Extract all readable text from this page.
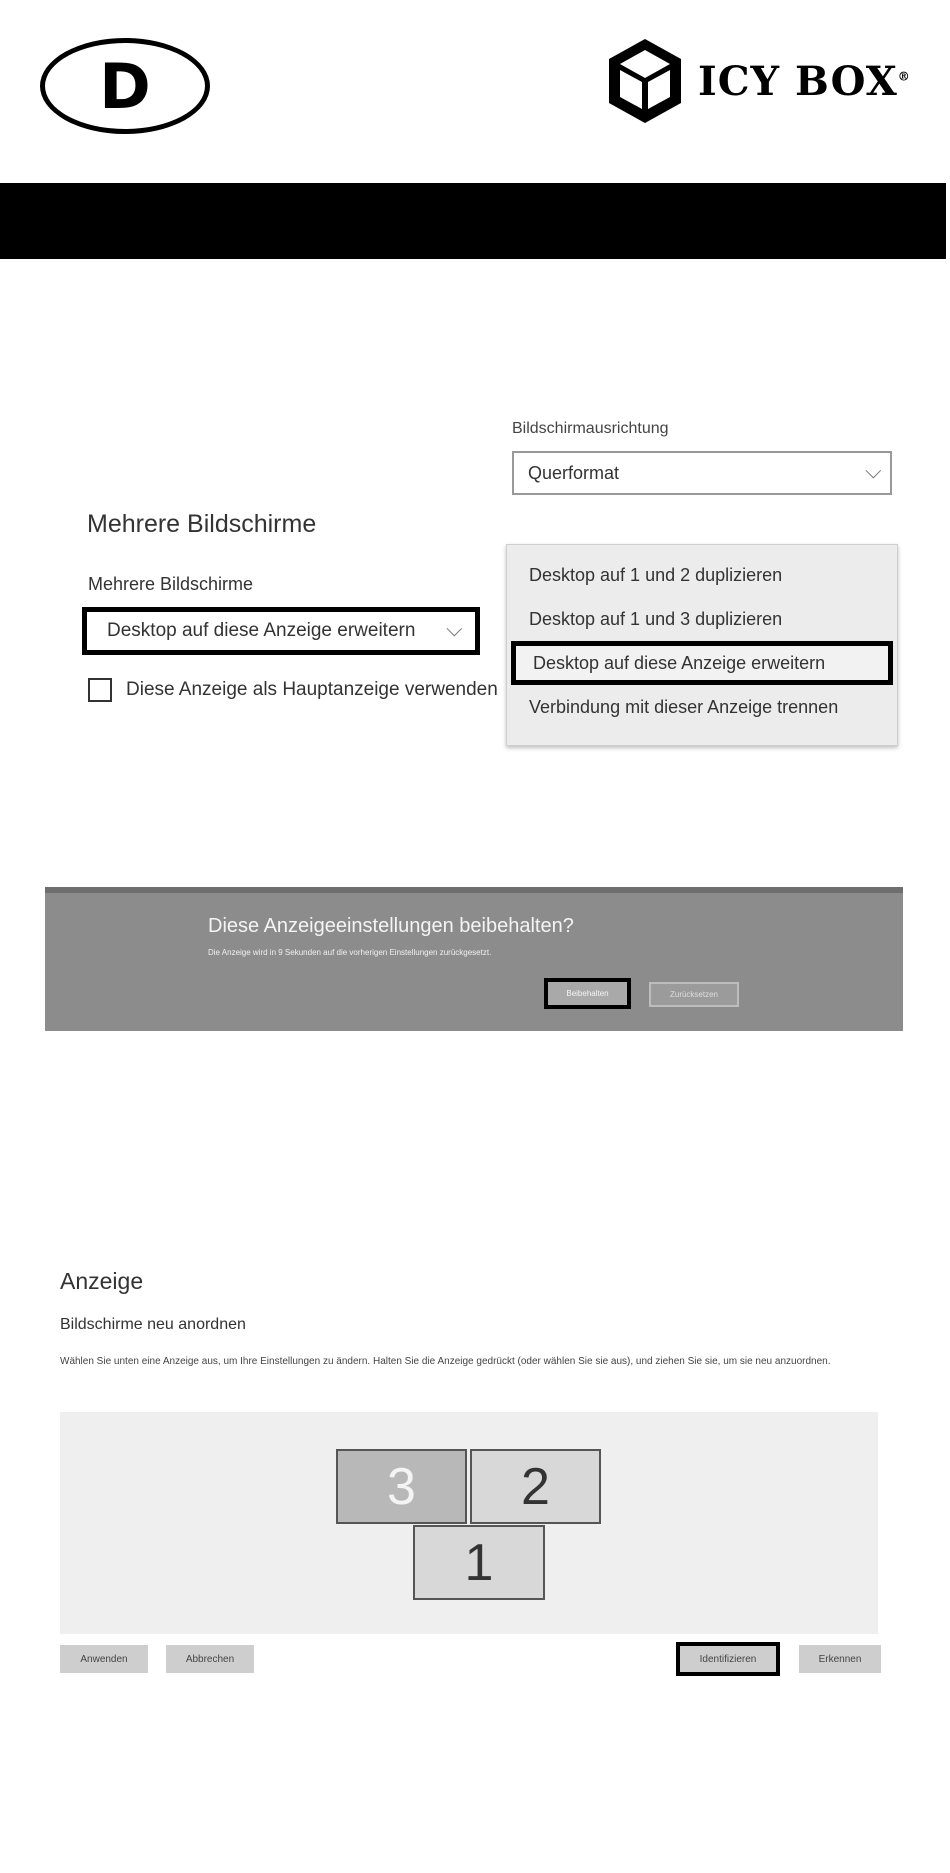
D	ICY BOX®
Mehrere Bildschirme
Mehrere Bildschirme
Desktop auf diese Anzeige erweitern
Diese Anzeige als Hauptanzeige verwenden
Bildschirmausrichtung
Querformat
Desktop auf 1 und 2 duplizieren
Desktop auf 1 und 3 duplizieren
Desktop auf diese Anzeige erweitern
Verbindung mit dieser Anzeige trennen
Diese Anzeigeeinstellungen beibehalten?
Die Anzeige wird in 9 Sekunden auf die vorherigen Einstellungen zurückgesetzt.
Beibehalten	Zurücksetzen
Anzeige
Bildschirme neu anordnen
Wählen Sie unten eine Anzeige aus, um Ihre Einstellungen zu ändern. Halten Sie die Anzeige gedrückt (oder wählen Sie sie aus), und ziehen Sie sie, um sie neu anzuordnen.
3	2
1
Anwenden	Abbrechen	Identifizieren	Erkennen
